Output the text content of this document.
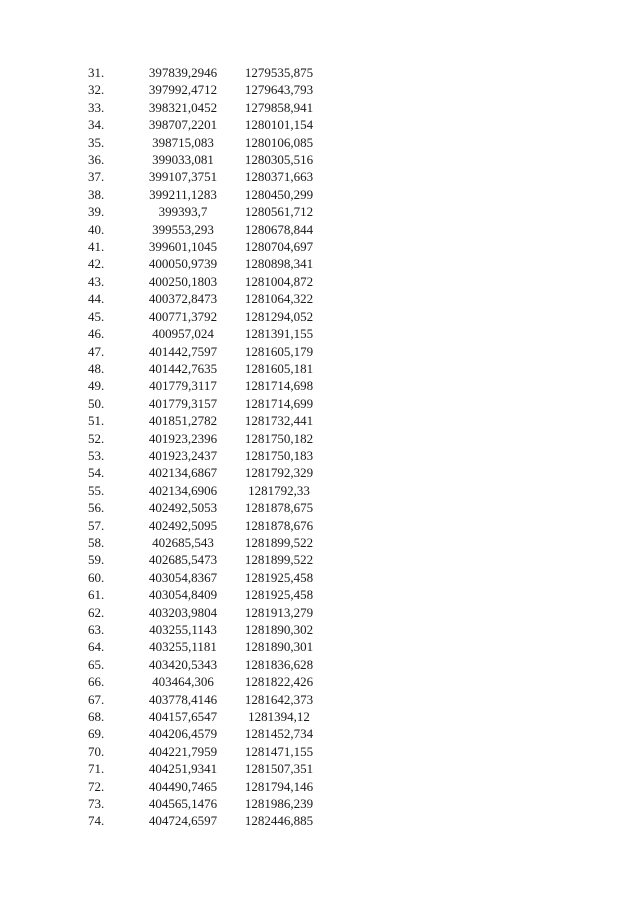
31.	397839,2946	1279535,875
32.	397992,4712	1279643,793
33.	398321,0452	1279858,941
34.	398707,2201	1280101,154
35.	398715,083	1280106,085
36.	399033,081	1280305,516
37.	399107,3751	1280371,663
38.	399211,1283	1280450,299
39.	399393,7	1280561,712
40.	399553,293	1280678,844
41.	399601,1045	1280704,697
42.	400050,9739	1280898,341
43.	400250,1803	1281004,872
44.	400372,8473	1281064,322
45.	400771,3792	1281294,052
46.	400957,024	1281391,155
47.	401442,7597	1281605,179
48.	401442,7635	1281605,181
49.	401779,3117	1281714,698
50.	401779,3157	1281714,699
51.	401851,2782	1281732,441
52.	401923,2396	1281750,182
53.	401923,2437	1281750,183
54.	402134,6867	1281792,329
55.	402134,6906	1281792,33
56.	402492,5053	1281878,675
57.	402492,5095	1281878,676
58.	402685,543	1281899,522
59.	402685,5473	1281899,522
60.	403054,8367	1281925,458
61.	403054,8409	1281925,458
62.	403203,9804	1281913,279
63.	403255,1143	1281890,302
64.	403255,1181	1281890,301
65.	403420,5343	1281836,628
66.	403464,306	1281822,426
67.	403778,4146	1281642,373
68.	404157,6547	1281394,12
69.	404206,4579	1281452,734
70.	404221,7959	1281471,155
71.	404251,9341	1281507,351
72.	404490,7465	1281794,146
73.	404565,1476	1281986,239
74.	404724,6597	1282446,885
